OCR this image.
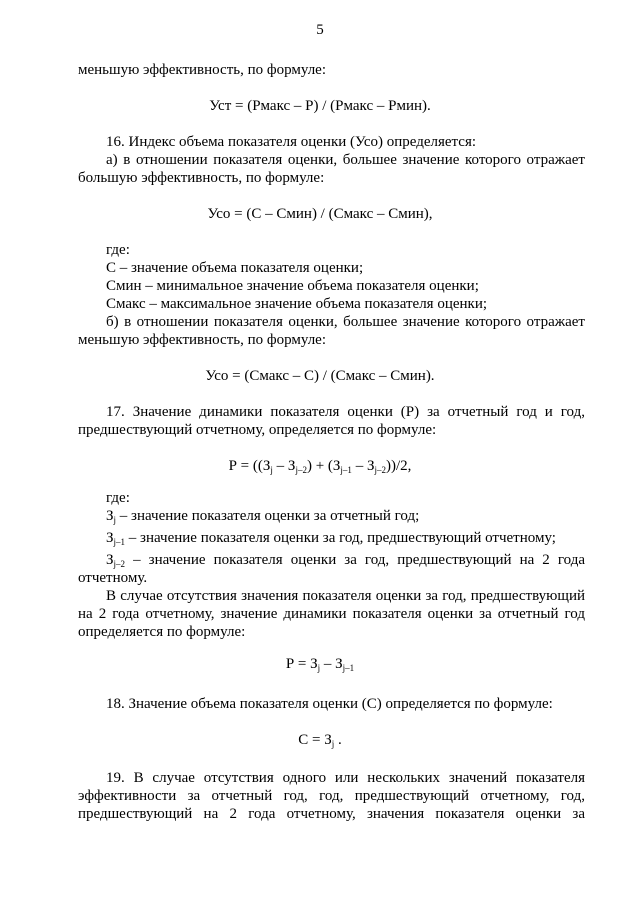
5
меньшую эффективность, по формуле:
Уст = (Рмакс – Р) / (Рмакс – Рмин).
16. Индекс объема показателя оценки (Усо) определяется:
а) в отношении показателя оценки, большее значение которого отражает
большую эффективность, по формуле:
Усо = (С – Смин) / (Смакс – Смин),
где:
С – значение объема показателя оценки;
Смин – минимальное значение объема показателя оценки;
Смакс – максимальное значение объема показателя оценки;
б) в отношении показателя оценки, большее значение которого отражает
меньшую эффективность, по формуле:
Усо = (Смакс – С) / (Смакс – Смин).
17. Значение динамики показателя оценки (Р) за отчетный год и год,
предшествующий отчетному, определяется по формуле:
$Р = ((З_j - З_{j-2}) + (З_{j-1} - З_{j-2}))/2$,
где:
$З_j$ – значение показателя оценки за отчетный год;
$З_{j-1}$ – значение показателя оценки за год, предшествующий отчетному;
$З_{j-2}$ – значение показателя оценки за год, предшествующий на 2 года
отчетному.
В случае отсутствия значения показателя оценки за год, предшествующий
на 2 года отчетному, значение динамики показателя оценки за отчетный год
определяется по формуле:
$Р = З_j - З_{j-1}$
18. Значение объема показателя оценки (С) определяется по формуле:
$С = З_j$ .
19. В случае отсутствия одного или нескольких значений показателя
эффективности за отчетный год, год, предшествующий отчетному, год,
предшествующий на 2 года отчетному, значения показателя оценки за
